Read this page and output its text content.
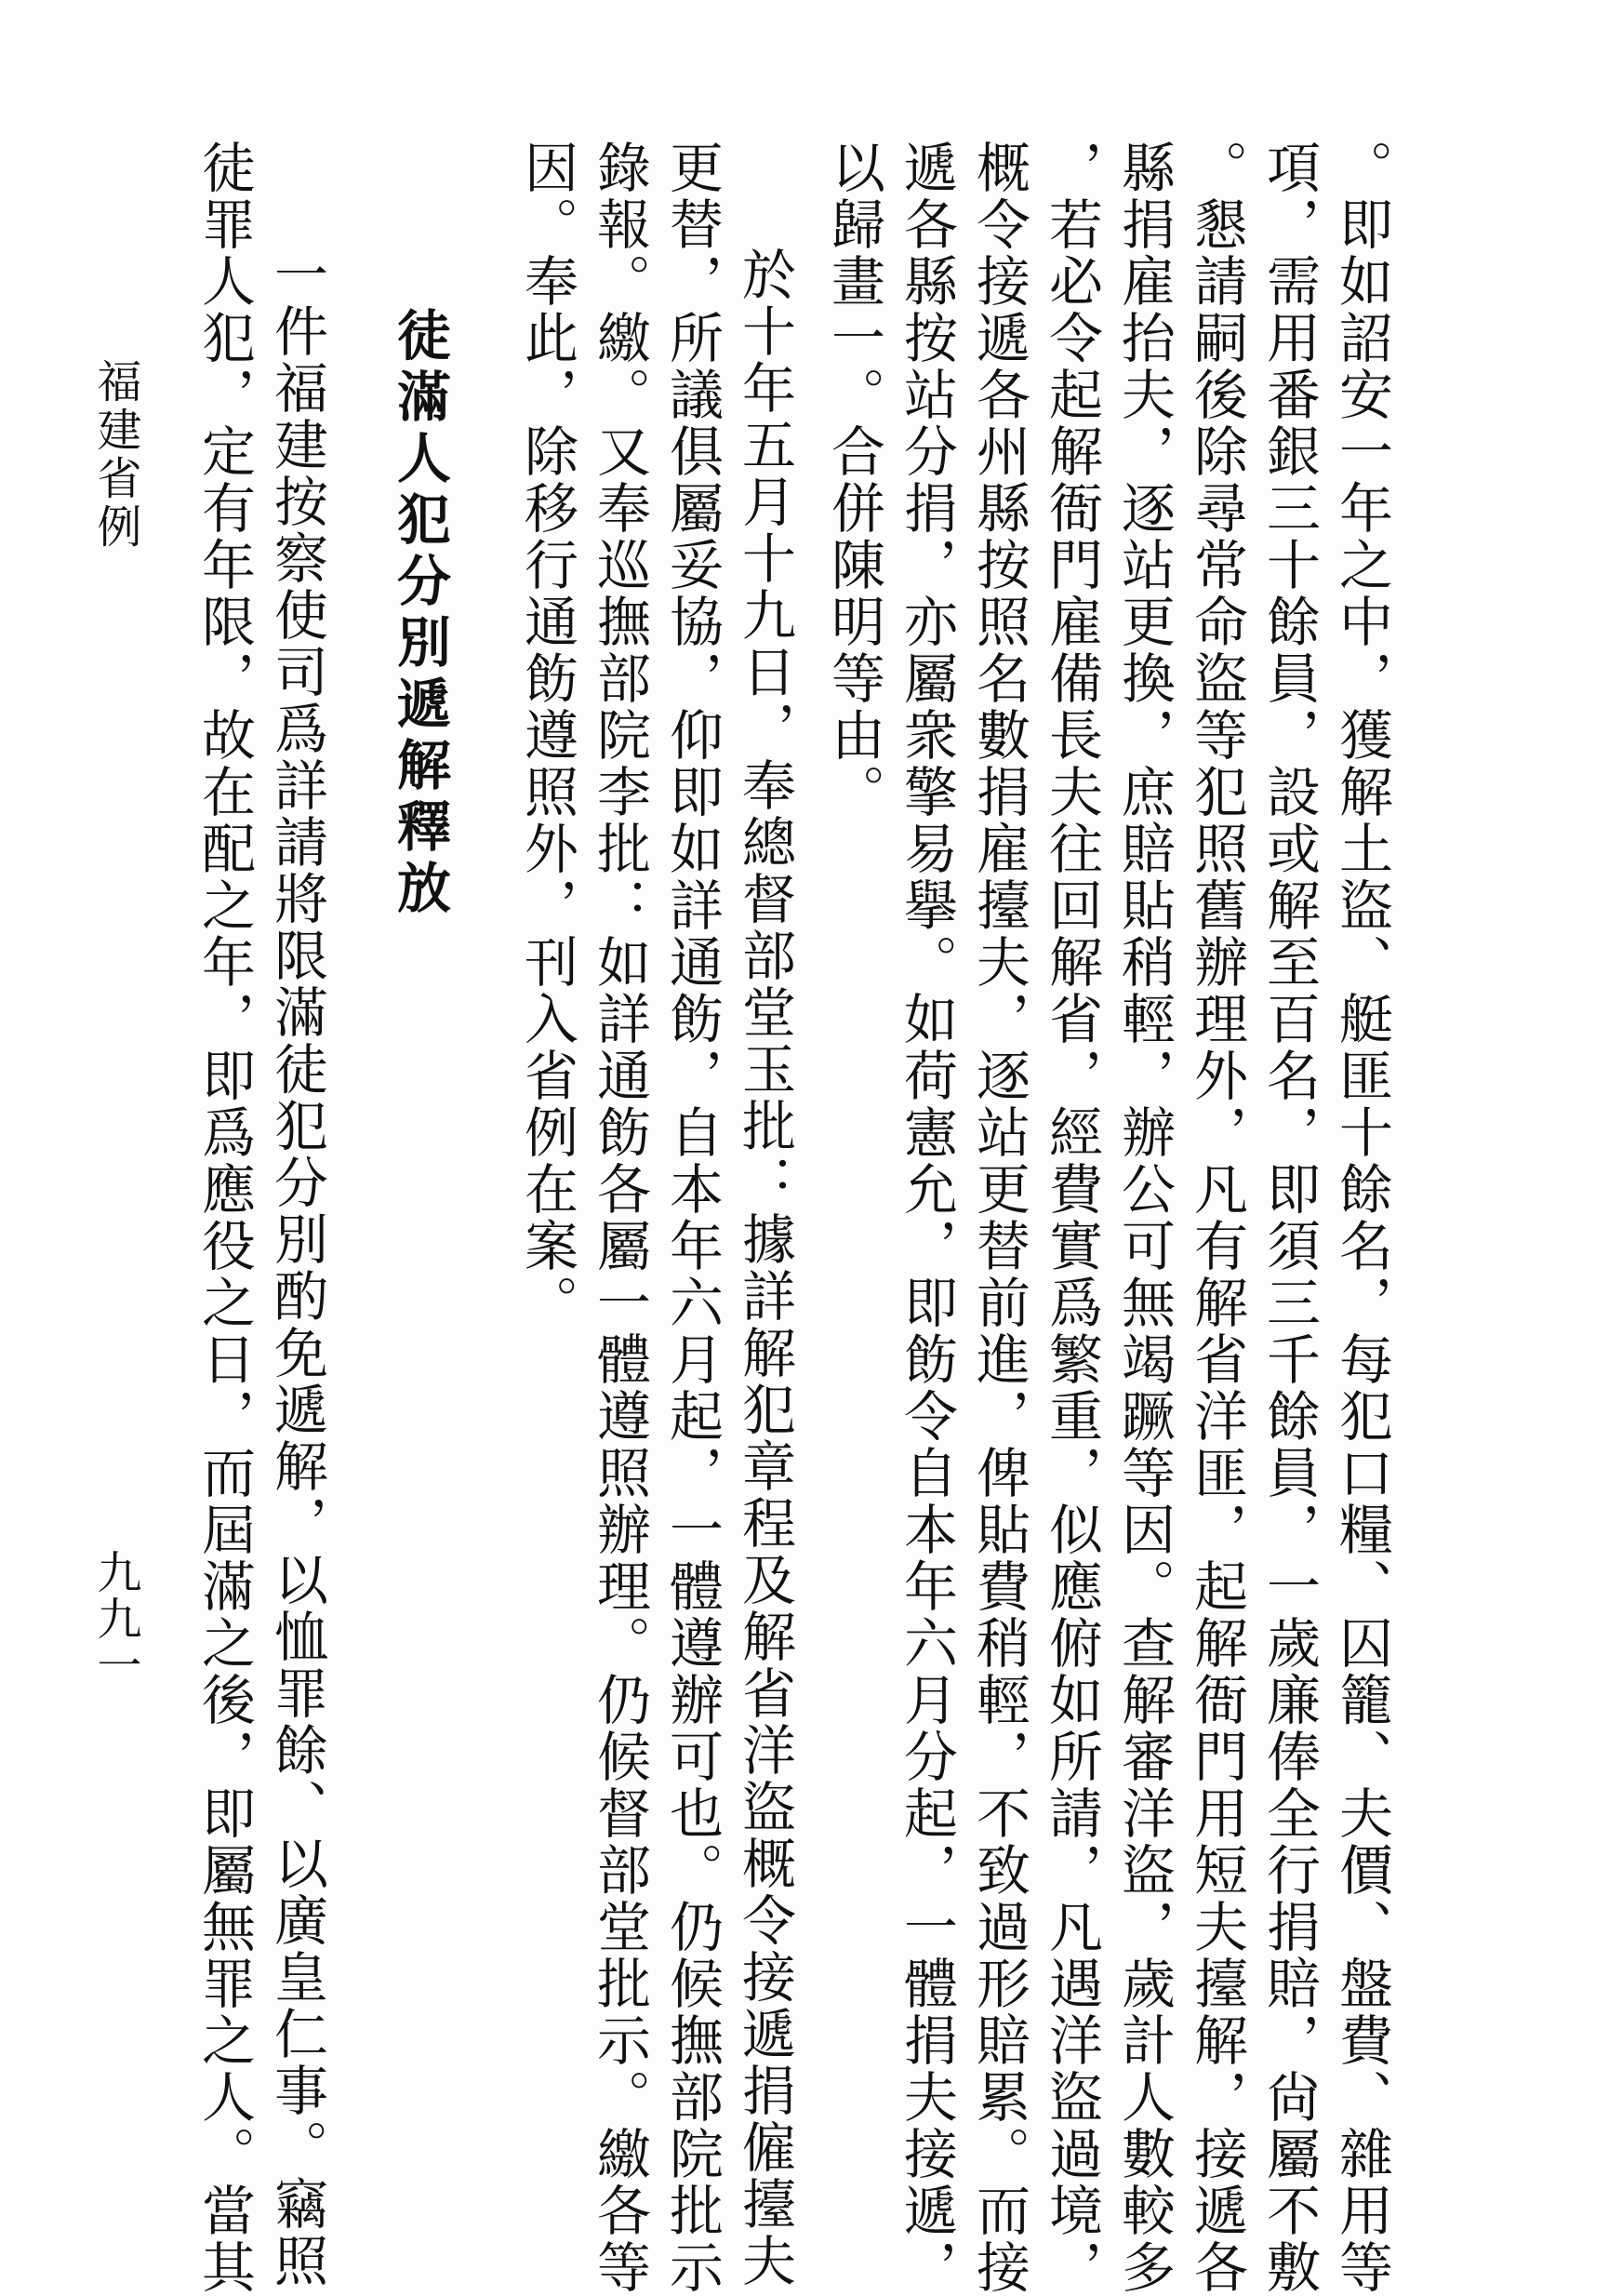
。即如詔安一年之中，獲解土盜、艇匪十餘名，每犯口糧、囚籠、夫價、盤費、雜用等
項，需用番銀三十餘員，設或解至百名，即須三千餘員，一歲廉俸全行捐賠，尙屬不敷
。懇請嗣後除尋常命盜等犯照舊辦理外，凡有解省洋匪，起解衙門用短夫擡解，接遞各
縣捐雇抬夫，逐站更換，庶賠貼稍輕，辦公可無竭蹶等因。查解審洋盜，歲計人數較多
，若必令起解衙門雇備長夫往回解省，經費實爲繁重，似應俯如所請，凡遇洋盜過境，
概令接遞各州縣按照名數捐雇擡夫，逐站更替前進，俾貼費稍輕，不致過形賠累。而接
遞各縣按站分捐，亦屬衆擎易擧。如荷憲允，即飭令自本年六月分起，一體捐夫接遞，
以歸畫一。合併陳明等由。
於十年五月十九日，奉總督部堂玉批：據詳解犯章程及解省洋盜概令接遞捐僱擡夫
更替，所議俱屬妥協，仰即如詳通飭，自本年六月起，一體遵辦可也。仍候撫部院批示
錄報。繳。又奉巡撫部院李批：如詳通飭各屬一體遵照辦理。仍候督部堂批示。繳各等
因。奉此，除移行通飭遵照外，刊入省例在案。
徒滿人犯分別遞解釋放
一件福建按察使司爲詳請將限滿徒犯分別酌免遞解，以恤罪餘、以廣皇仁事。竊照
徒罪人犯，定有年限，故在配之年，即爲應役之日，而屆滿之後，即屬無罪之人。當其
福建省例
九九一
